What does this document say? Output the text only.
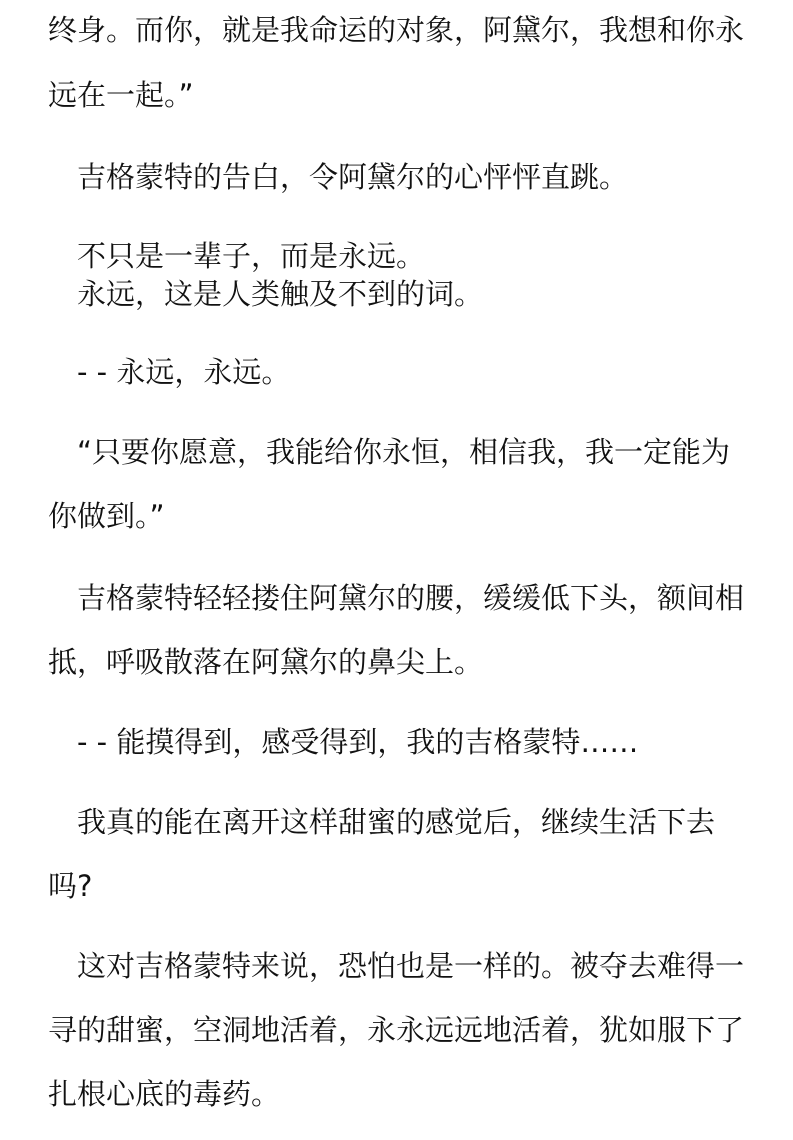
终身。而你，就是我命运的对象，阿黛尔，我想和你永
远在一起。”
　吉格蒙特的告白，令阿黛尔的心怦怦直跳。
　不只是一辈子，而是永远。
　永远，这是人类触及不到的词。
　- - 永远，永远。
　“只要你愿意，我能给你永恒，相信我，我一定能为
你做到。”
　吉格蒙特轻轻搂住阿黛尔的腰，缓缓低下头，额间相
抵，呼吸散落在阿黛尔的鼻尖上。
　- - 能摸得到，感受得到，我的吉格蒙特……
　我真的能在离开这样甜蜜的感觉后，继续生活下去
吗?
　这对吉格蒙特来说，恐怕也是一样的。被夺去难得一
寻的甜蜜，空洞地活着，永永远远地活着，犹如服下了
扎根心底的毒药。
